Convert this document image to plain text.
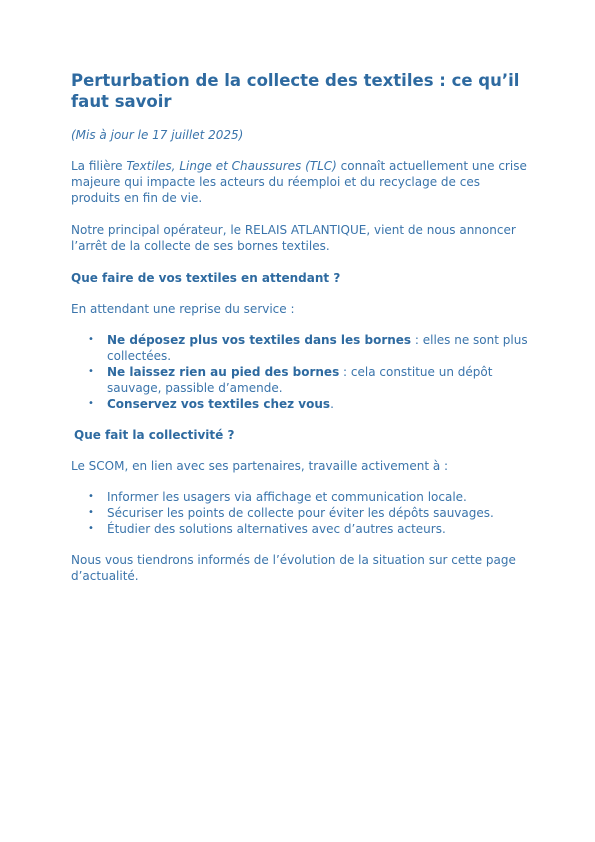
Perturbation de la collecte des textiles : ce qu’il faut savoir

(Mis à jour le 17 juillet 2025)

La filière Textiles, Linge et Chaussures (TLC) connaît actuellement une crise majeure qui impacte les acteurs du réemploi et du recyclage de ces produits en fin de vie.

Notre principal opérateur, le RELAIS ATLANTIQUE, vient de nous annoncer l’arrêt de la collecte de ses bornes textiles.

Que faire de vos textiles en attendant ?

En attendant une reprise du service :

• Ne déposez plus vos textiles dans les bornes : elles ne sont plus collectées.
• Ne laissez rien au pied des bornes : cela constitue un dépôt sauvage, passible d’amende.
• Conservez vos textiles chez vous.
Que fait la collectivité ?

Le SCOM, en lien avec ses partenaires, travaille activement à :

• Informer les usagers via affichage et communication locale.
• Sécuriser les points de collecte pour éviter les dépôts sauvages.
• Étudier des solutions alternatives avec d’autres acteurs.

Nous vous tiendrons informés de l’évolution de la situation sur cette page d’actualité.
